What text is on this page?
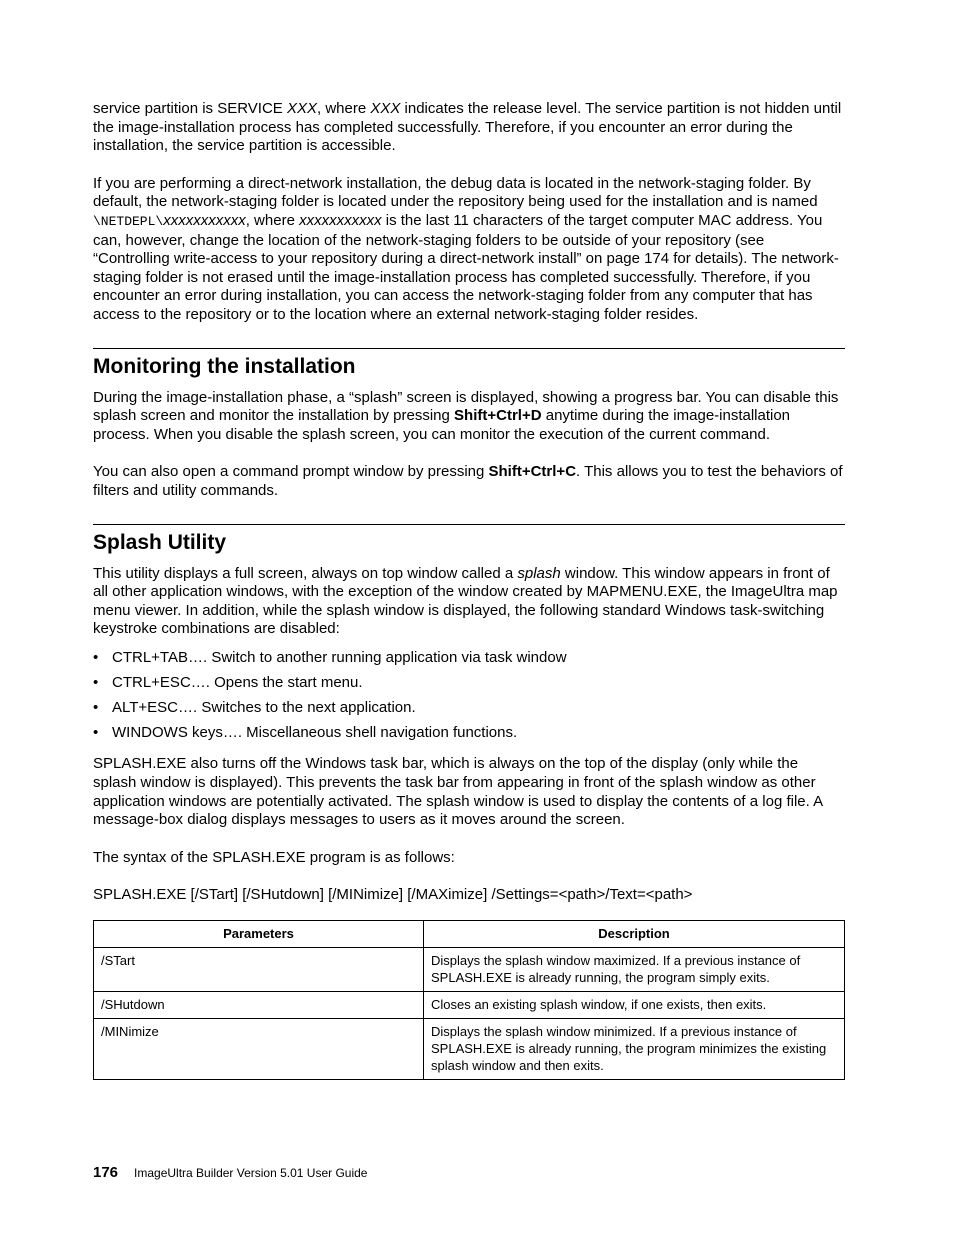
service partition is SERVICE XXX, where XXX indicates the release level. The service partition is not hidden until the image-installation process has completed successfully. Therefore, if you encounter an error during the installation, the service partition is accessible.

If you are performing a direct-network installation, the debug data is located in the network-staging folder. By default, the network-staging folder is located under the repository being used for the installation and is named \NETDEPL\xxxxxxxxxxx, where xxxxxxxxxxx is the last 11 characters of the target computer MAC address. You can, however, change the location of the network-staging folders to be outside of your repository (see “Controlling write-access to your repository during a direct-network install” on page 174 for details). The network-staging folder is not erased until the image-installation process has completed successfully. Therefore, if you encounter an error during installation, you can access the network-staging folder from any computer that has access to the repository or to the location where an external network-staging folder resides.

Monitoring the installation

During the image-installation phase, a “splash” screen is displayed, showing a progress bar. You can disable this splash screen and monitor the installation by pressing Shift+Ctrl+D anytime during the image-installation process. When you disable the splash screen, you can monitor the execution of the current command.

You can also open a command prompt window by pressing Shift+Ctrl+C. This allows you to test the behaviors of filters and utility commands.

Splash Utility

This utility displays a full screen, always on top window called a splash window. This window appears in front of all other application windows, with the exception of the window created by MAPMENU.EXE, the ImageUltra map menu viewer. In addition, while the splash window is displayed, the following standard Windows task-switching keystroke combinations are disabled:

• CTRL+TAB…. Switch to another running application via task window
• CTRL+ESC…. Opens the start menu.
• ALT+ESC…. Switches to the next application.
• WINDOWS keys…. Miscellaneous shell navigation functions.

SPLASH.EXE also turns off the Windows task bar, which is always on the top of the display (only while the splash window is displayed). This prevents the task bar from appearing in front of the splash window as other application windows are potentially activated. The splash window is used to display the contents of a log file. A message-box dialog displays messages to users as it moves around the screen.

The syntax of the SPLASH.EXE program is as follows:

SPLASH.EXE [/STart] [/SHutdown] [/MINimize] [/MAXimize] /Settings=<path>/Text=<path>

Parameters	Description
/STart	Displays the splash window maximized. If a previous instance of SPLASH.EXE is already running, the program simply exits.
/SHutdown	Closes an existing splash window, if one exists, then exits.
/MINimize	Displays the splash window minimized. If a previous instance of SPLASH.EXE is already running, the program minimizes the existing splash window and then exits.
176 ImageUltra Builder Version 5.01 User Guide
